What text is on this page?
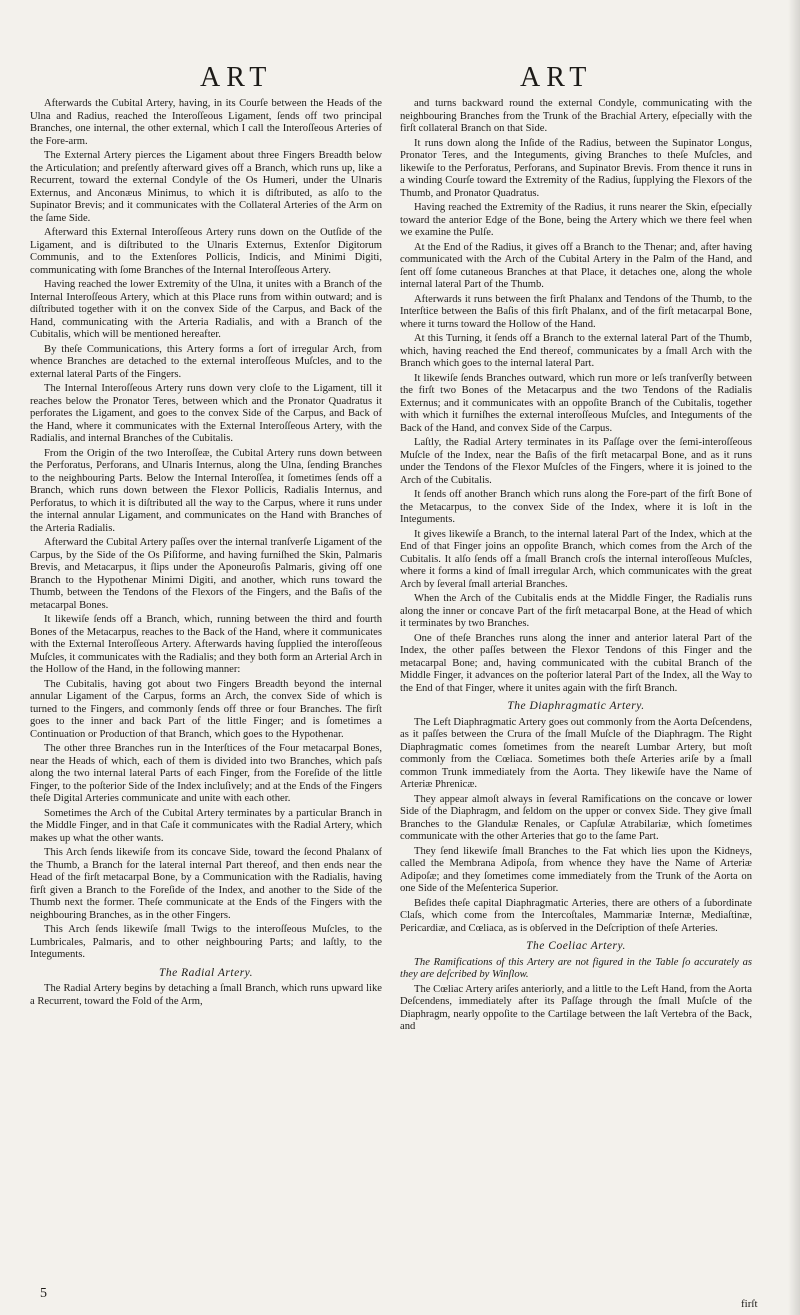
ART	ART

Afterwards the Cubital Artery, having, in its Courſe between the Heads of the Ulna and Radius, reached the Interoſſeous Ligament, ſends off two principal Branches, one internal, the other external, which I call the Interoſſeous Arteries of the Fore-arm.

The External Artery pierces the Ligament about three Fingers Breadth below the Articulation; and preſently afterward gives off a Branch, which runs up, like a Recurrent, toward the external Condyle of the Os Humeri, under the Ulnaris Externus, and Anconæus Minimus, to which it is diſtributed, as alſo to the Supinator Brevis; and it communicates with the Collateral Arteries of the Arm on the ſame Side.

Afterward this External Interoſſeous Artery runs down on the Outſide of the Ligament, and is diſtributed to the Ulnaris Externus, Extenſor Digitorum Communis, and to the Extenſores Pollicis, Indicis, and Minimi Digiti, communicating with ſome Branches of the Internal Interoſſeous Artery.

Having reached the lower Extremity of the Ulna, it unites with a Branch of the Internal Interoſſeous Artery, which at this Place runs from within outward; and is diſtributed together with it on the convex Side of the Carpus, and Back of the Hand, communicating with the Arteria Radialis, and with a Branch of the Cubitalis, which will be mentioned hereafter.

By theſe Communications, this Artery forms a ſort of irregular Arch, from whence Branches are detached to the external interoſſeous Muſcles, and to the external lateral Parts of the Fingers.

The Internal Interoſſeous Artery runs down very cloſe to the Ligament, till it reaches below the Pronator Teres, between which and the Pronator Quadratus it perforates the Ligament, and goes to the convex Side of the Carpus, and Back of the Hand, where it communicates with the External Interoſſeous Artery, with the Radialis, and internal Branches of the Cubitalis.

From the Origin of the two Interoſſeæ, the Cubital Artery runs down between the Perforatus, Perforans, and Ulnaris Internus, along the Ulna, ſending Branches to the neighbouring Parts. Below the Internal Interoſſea, it ſometimes ſends off a Branch, which runs down between the Flexor Pollicis, Radialis Internus, and Perforatus, to which it is diſtributed all the way to the Carpus, where it runs under the internal annular Ligament, and communicates on the Hand with Branches of the Arteria Radialis.

Afterward the Cubital Artery paſſes over the internal tranſverſe Ligament of the Carpus, by the Side of the Os Piſiforme, and having furniſhed the Skin, Palmaris Brevis, and Metacarpus, it ſlips under the Aponeuroſis Palmaris, giving off one Branch to the Hypothenar Minimi Digiti, and another, which runs toward the Thumb, between the Tendons of the Flexors of the Fingers, and the Baſis of the metacarpal Bones.

It likewiſe ſends off a Branch, which, running between the third and fourth Bones of the Metacarpus, reaches to the Back of the Hand, where it communicates with the External Interoſſeous Artery. Afterwards having ſupplied the interoſſeous Muſcles, it communicates with the Radialis; and they both form an Arterial Arch in the Hollow of the Hand, in the following manner:

The Cubitalis, having got about two Fingers Breadth beyond the internal annular Ligament of the Carpus, forms an Arch, the convex Side of which is turned to the Fingers, and commonly ſends off three or four Branches. The firſt goes to the inner and back Part of the little Finger; and is ſometimes a Continuation or Production of that Branch, which goes to the Hypothenar.

The other three Branches run in the Interſtices of the Four metacarpal Bones, near the Heads of which, each of them is divided into two Branches, which paſs along the two internal lateral Parts of each Finger, from the Foreſide of the little Finger, to the poſterior Side of the Index incluſively; and at the Ends of the Fingers theſe Digital Arteries communicate and unite with each other.

Sometimes the Arch of the Cubital Artery terminates by a particular Branch in the Middle Finger, and in that Caſe it communicates with the Radial Artery, which makes up what the other wants.

This Arch ſends likewiſe from its concave Side, toward the ſecond Phalanx of the Thumb, a Branch for the lateral internal Part thereof, and then ends near the Head of the firſt metacarpal Bone, by a Communication with the Radialis, having firſt given a Branch to the Foreſide of the Index, and another to the Side of the Thumb next the former. Theſe communicate at the Ends of the Fingers with the neighbouring Branches, as in the other Fingers.

This Arch ſends likewiſe ſmall Twigs to the interoſſeous Muſcles, to the Lumbricales, Palmaris, and to other neighbouring Parts; and laſtly, to the Integuments.

The Radial Artery.

The Radial Artery begins by detaching a ſmall Branch, which runs upward like a Recurrent, toward the Fold of the Arm,

and turns backward round the external Condyle, communicating with the neighbouring Branches from the Trunk of the Brachial Artery, eſpecially with the firſt collateral Branch on that Side.

It runs down along the Inſide of the Radius, between the Supinator Longus, Pronator Teres, and the Integuments, giving Branches to theſe Muſcles, and likewiſe to the Perforatus, Perforans, and Supinator Brevis. From thence it runs in a winding Courſe toward the Extremity of the Radius, ſupplying the Flexors of the Thumb, and Pronator Quadratus.

Having reached the Extremity of the Radius, it runs nearer the Skin, eſpecially toward the anterior Edge of the Bone, being the Artery which we there feel when we examine the Pulſe.

At the End of the Radius, it gives off a Branch to the Thenar; and, after having communicated with the Arch of the Cubital Artery in the Palm of the Hand, and ſent off ſome cutaneous Branches at that Place, it detaches one, along the whole internal lateral Part of the Thumb.

Afterwards it runs between the firſt Phalanx and Tendons of the Thumb, to the Interſtice between the Baſis of this firſt Phalanx, and of the firſt metacarpal Bone, where it turns toward the Hollow of the Hand.

At this Turning, it ſends off a Branch to the external lateral Part of the Thumb, which, having reached the End thereof, communicates by a ſmall Arch with the Branch which goes to the internal lateral Part.

It likewiſe ſends Branches outward, which run more or leſs tranſverſly between the firſt two Bones of the Metacarpus and the two Tendons of the Radialis Externus; and it communicates with an oppoſite Branch of the Cubitalis, together with which it furniſhes the external interoſſeous Muſcles, and Integuments of the Back of the Hand, and convex Side of the Carpus.

Laſtly, the Radial Artery terminates in its Paſſage over the ſemi-interoſſeous Muſcle of the Index, near the Baſis of the firſt metacarpal Bone, and as it runs under the Tendons of the Flexor Muſcles of the Fingers, where it is joined to the Arch of the Cubitalis.

It ſends off another Branch which runs along the Fore-part of the firſt Bone of the Metacarpus, to the convex Side of the Index, where it is loſt in the Integuments.

It gives likewiſe a Branch, to the internal lateral Part of the Index, which at the End of that Finger joins an oppoſite Branch, which comes from the Arch of the Cubitalis. It alſo ſends off a ſmall Branch croſs the internal interoſſeous Muſcles, where it forms a kind of ſmall irregular Arch, which communicates with the great Arch by ſeveral ſmall arterial Branches.

When the Arch of the Cubitalis ends at the Middle Finger, the Radialis runs along the inner or concave Part of the firſt metacarpal Bone, at the Head of which it terminates by two Branches.

One of theſe Branches runs along the inner and anterior lateral Part of the Index, the other paſſes between the Flexor Tendons of this Finger and the metacarpal Bone; and, having communicated with the cubital Branch of the Middle Finger, it advances on the poſterior lateral Part of the Index, all the Way to the End of that Finger, where it unites again with the firſt Branch.

The Diaphragmatic Artery.

The Left Diaphragmatic Artery goes out commonly from the Aorta Deſcendens, as it paſſes between the Crura of the ſmall Muſcle of the Diaphragm. The Right Diaphragmatic comes ſometimes from the neareſt Lumbar Artery, but moſt commonly from the Cœliaca. Sometimes both theſe Arteries ariſe by a ſmall common Trunk immediately from the Aorta. They likewiſe have the Name of Arteriæ Phrenicæ.

They appear almoſt always in ſeveral Ramifications on the concave or lower Side of the Diaphragm, and ſeldom on the upper or convex Side. They give ſmall Branches to the Glandulæ Renales, or Capſulæ Atrabilariæ, which ſometimes communicate with the other Arteries that go to the ſame Part.

They ſend likewiſe ſmall Branches to the Fat which lies upon the Kidneys, called the Membrana Adipoſa, from whence they have the Name of Arteriæ Adipoſæ; and they ſometimes come immediately from the Trunk of the Aorta on one Side of the Meſenterica Superior.

Beſides theſe capital Diaphragmatic Arteries, there are others of a ſubordinate Claſs, which come from the Intercoſtales, Mammariæ Internæ, Mediaſtinæ, Pericardiæ, and Cœliaca, as is obſerved in the Deſcription of theſe Arteries.

The Coeliac Artery.

The Ramifications of this Artery are not figured in the Table ſo accurately as they are deſcribed by Winſlow.

The Cœliac Artery ariſes anteriorly, and a little to the Left Hand, from the Aorta Deſcendens, immediately after its Paſſage through the ſmall Muſcle of the Diaphragm, nearly oppoſite to the Cartilage between the laſt Vertebra of the Back, and

5
firſt
